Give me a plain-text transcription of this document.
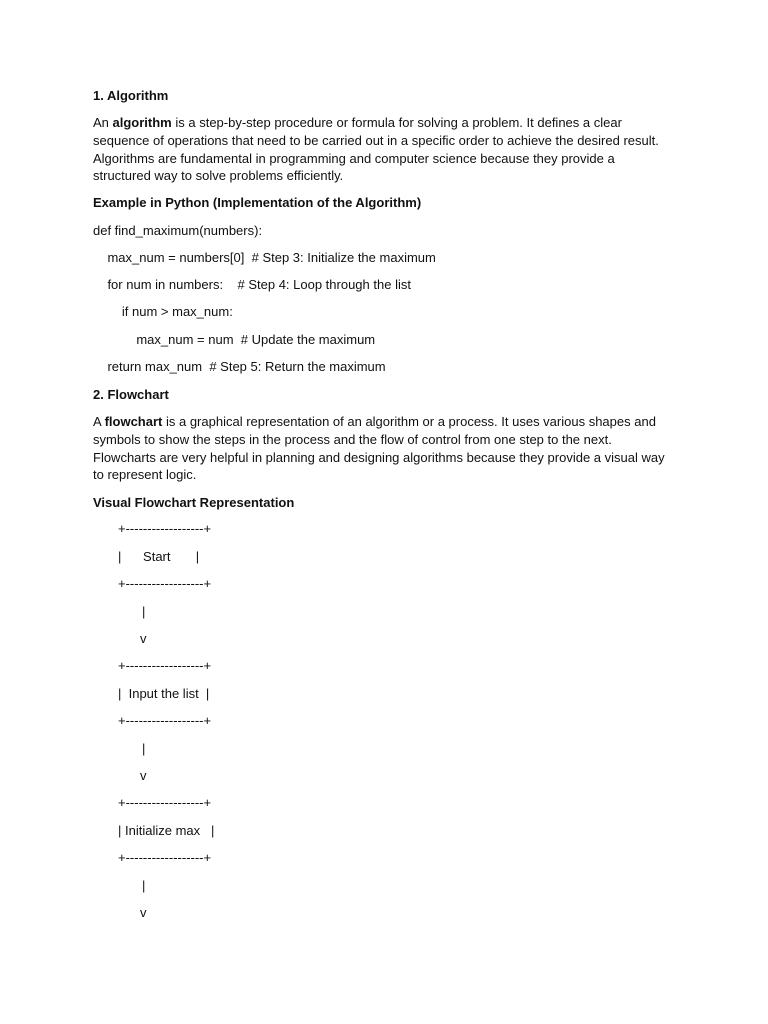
1. Algorithm
An algorithm is a step-by-step procedure or formula for solving a problem. It defines a clear sequence of operations that need to be carried out in a specific order to achieve the desired result. Algorithms are fundamental in programming and computer science because they provide a structured way to solve problems efficiently.
Example in Python (Implementation of the Algorithm)
def find_maximum(numbers):
max_num = numbers[0]  # Step 3: Initialize the maximum
for num in numbers:    # Step 4: Loop through the list
if num > max_num:
max_num = num  # Update the maximum
return max_num  # Step 5: Return the maximum
2. Flowchart
A flowchart is a graphical representation of an algorithm or a process. It uses various shapes and symbols to show the steps in the process and the flow of control from one step to the next. Flowcharts are very helpful in planning and designing algorithms because they provide a visual way to represent logic.
Visual Flowchart Representation
+------------------+
|      Start       |
+------------------+
|
v
+------------------+
|  Input the list  |
+------------------+
|
v
+------------------+
| Initialize max   |
+------------------+
|
v
